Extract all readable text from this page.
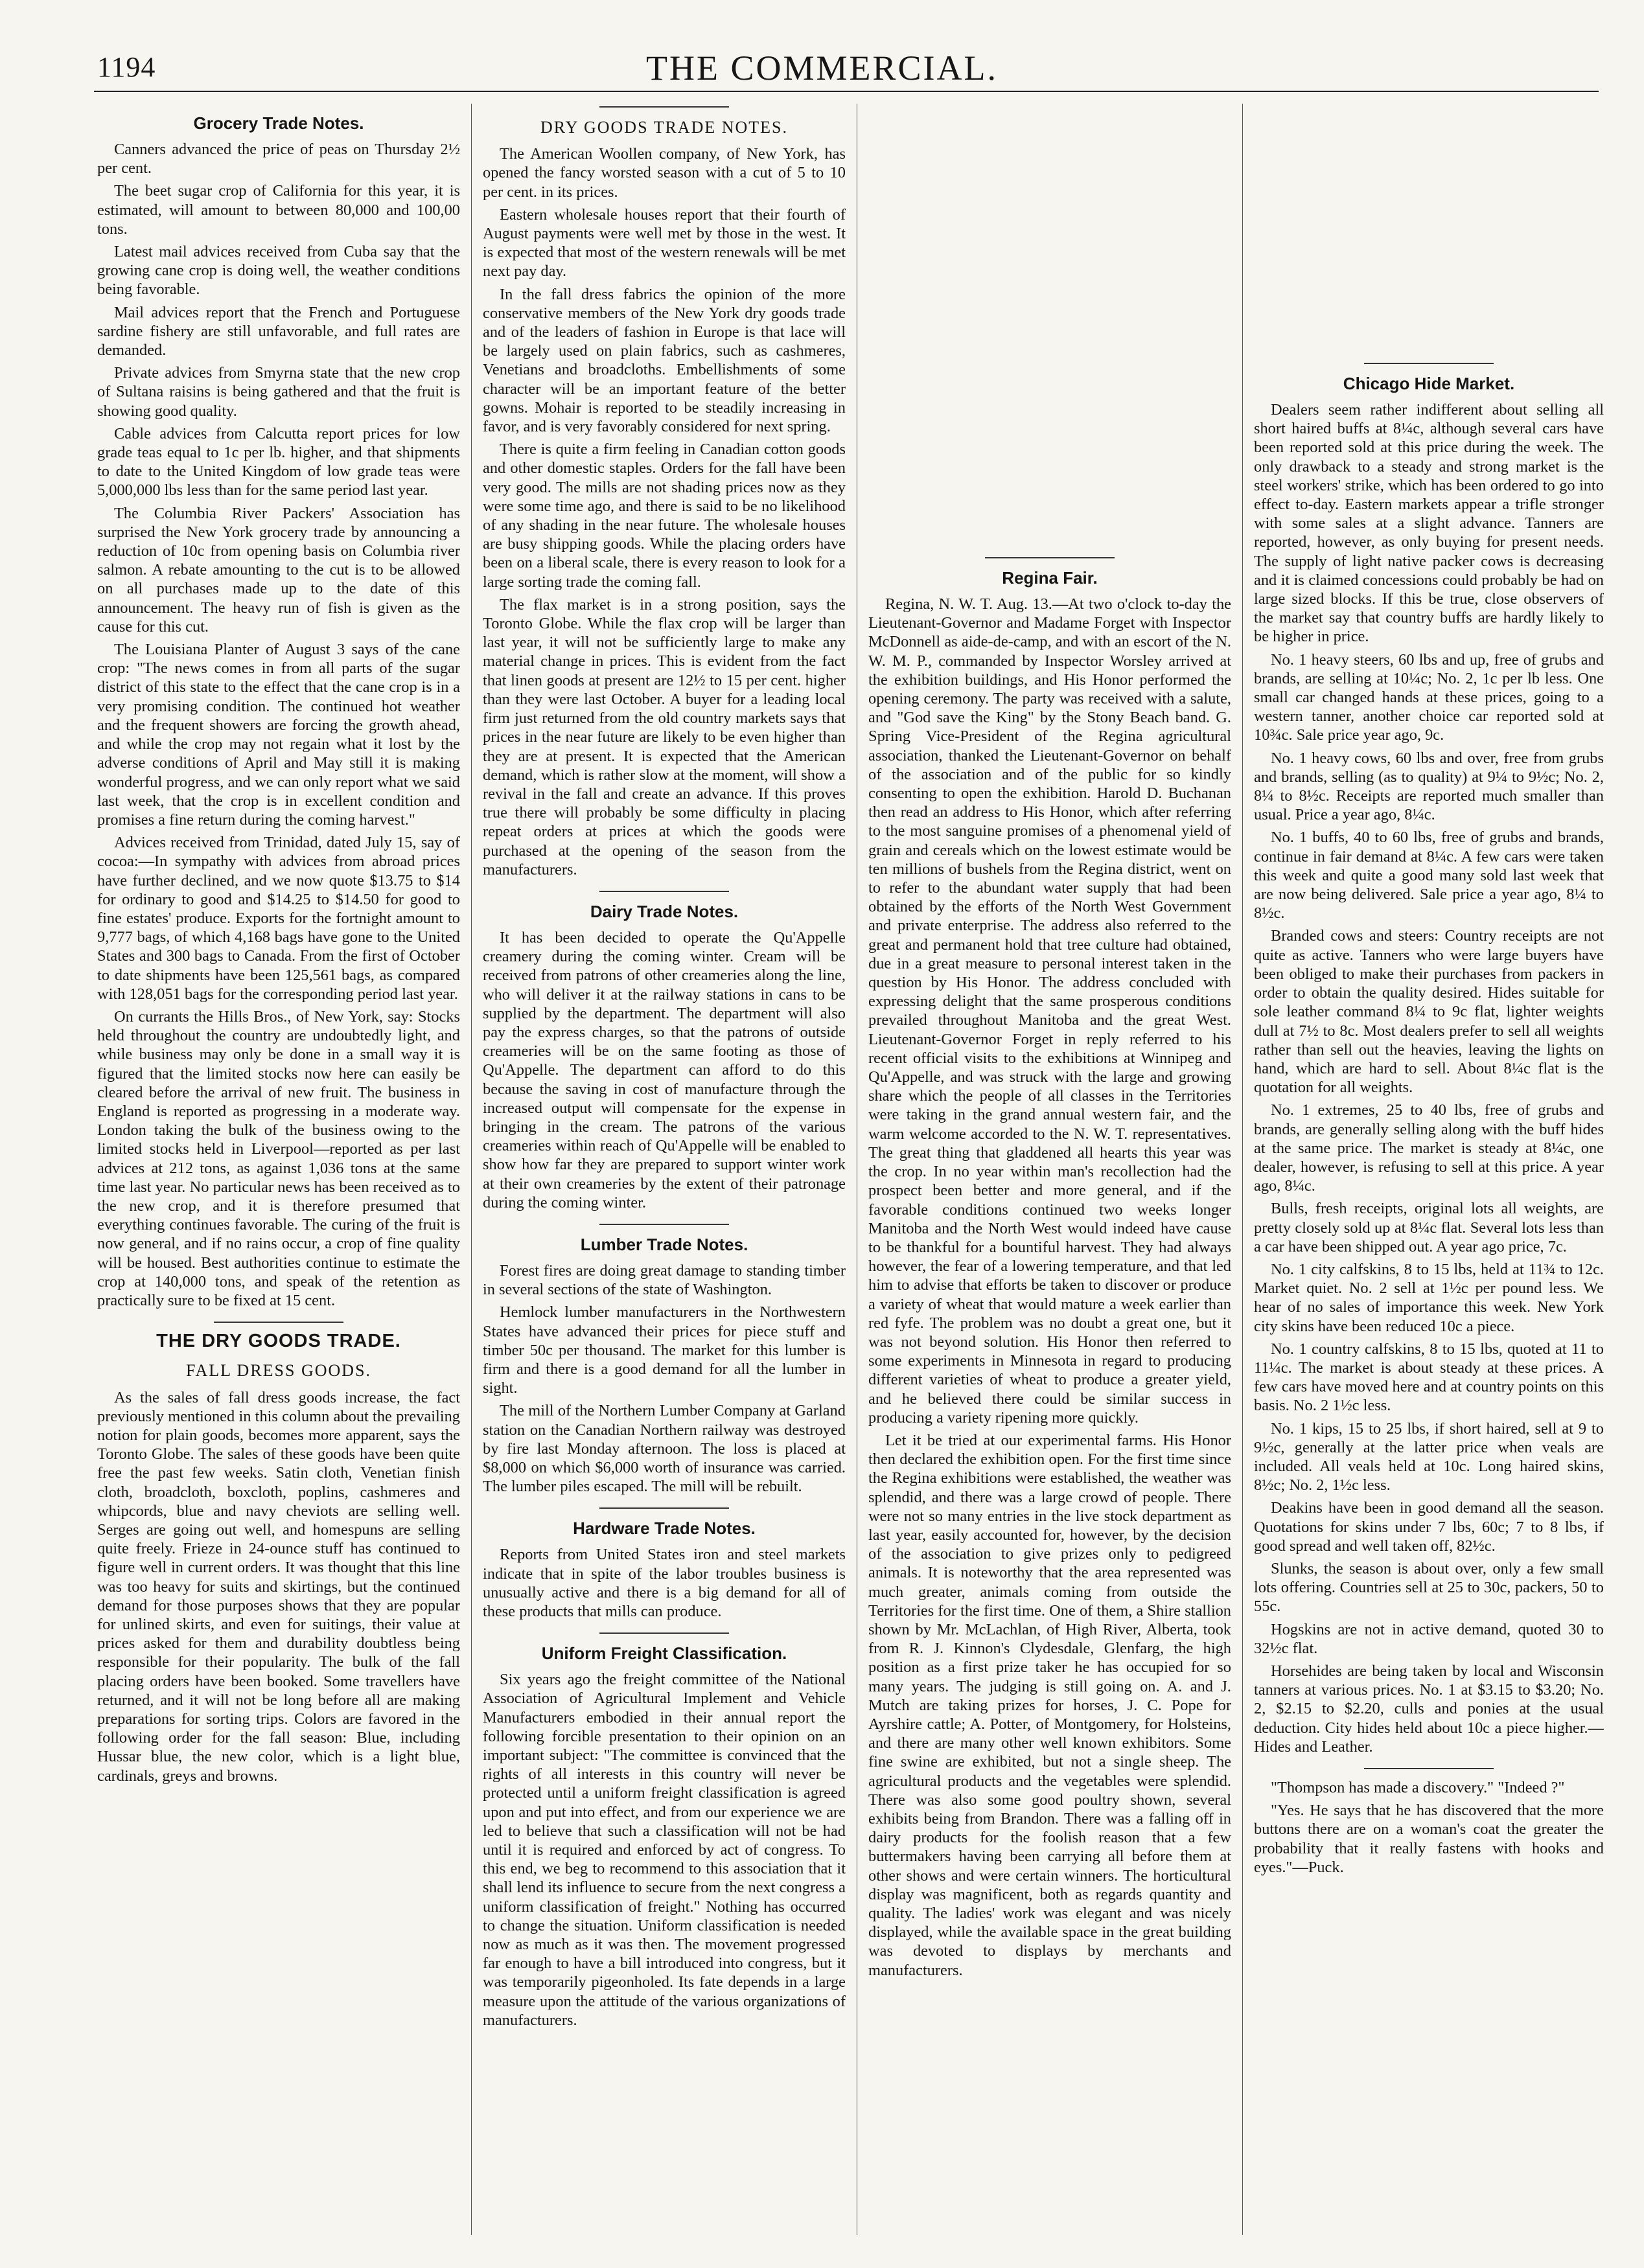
1194	THE COMMERCIAL.
Grocery Trade Notes.

Canners advanced the price of peas on Thursday 2½ per cent.

The beet sugar crop of California for this year, it is estimated, will amount to between 80,000 and 100,00 tons.

Latest mail advices received from Cuba say that the growing cane crop is doing well, the weather conditions being favorable.

Mail advices report that the French and Portuguese sardine fishery are still unfavorable, and full rates are demanded.

Private advices from Smyrna state that the new crop of Sultana raisins is being gathered and that the fruit is showing good quality.

Cable advices from Calcutta report prices for low grade teas equal to 1c per lb. higher, and that shipments to date to the United Kingdom of low grade teas were 5,000,000 lbs less than for the same period last year.

The Columbia River Packers' Association has surprised the New York grocery trade by announcing a reduction of 10c from opening basis on Columbia river salmon. A rebate amounting to the cut is to be allowed on all purchases made up to the date of this announcement. The heavy run of fish is given as the cause for this cut.

The Louisiana Planter of August 3 says of the cane crop: "The news comes in from all parts of the sugar district of this state to the effect that the cane crop is in a very promising condition. The continued hot weather and the frequent showers are forcing the growth ahead, and while the crop may not regain what it lost by the adverse conditions of April and May still it is making wonderful progress, and we can only report what we said last week, that the crop is in excellent condition and promises a fine return during the coming harvest."

Advices received from Trinidad, dated July 15, say of cocoa:—In sympathy with advices from abroad prices have further declined, and we now quote $13.75 to $14 for ordinary to good and $14.25 to $14.50 for good to fine estates' produce. Exports for the fortnight amount to 9,777 bags, of which 4,168 bags have gone to the United States and 300 bags to Canada. From the first of October to date shipments have been 125,561 bags, as compared with 128,051 bags for the corresponding period last year.

On currants the Hills Bros., of New York, say: Stocks held throughout the country are undoubtedly light, and while business may only be done in a small way it is figured that the limited stocks now here can easily be cleared before the arrival of new fruit. The business in England is reported as progressing in a moderate way. London taking the bulk of the business owing to the limited stocks held in Liverpool—reported as per last advices at 212 tons, as against 1,036 tons at the same time last year. No particular news has been received as to the new crop, and it is therefore presumed that everything continues favorable. The curing of the fruit is now general, and if no rains occur, a crop of fine quality will be housed. Best authorities continue to estimate the crop at 140,000 tons, and speak of the retention as practically sure to be fixed at 15 cent.

THE DRY GOODS TRADE.
FALL DRESS GOODS.

As the sales of fall dress goods increase, the fact previously mentioned in this column about the prevailing notion for plain goods, becomes more apparent, says the Toronto Globe. The sales of these goods have been quite free the past few weeks. Satin cloth, Venetian finish cloth, broadcloth, boxcloth, poplins, cashmeres and whipcords, blue and navy cheviots are selling well. Serges are going out well, and homespuns are selling quite freely. Frieze in 24-ounce stuff has continued to figure well in current orders. It was thought that this line was too heavy for suits and skirtings, but the continued demand for those purposes shows that they are popular for unlined skirts, and even for suitings, their value at prices asked for them and durability doubtless being responsible for their popularity. The bulk of the fall placing orders have been booked. Some travellers have returned, and it will not be long before all are making preparations for sorting trips. Colors are favored in the following order for the fall season: Blue, including Hussar blue, the new color, which is a light blue, cardinals, greys and browns.

DRY GOODS TRADE NOTES.

The American Woollen company, of New York, has opened the fancy worsted season with a cut of 5 to 10 per cent. in its prices.

Eastern wholesale houses report that their fourth of August payments were well met by those in the west. It is expected that most of the western renewals will be met next pay day.

In the fall dress fabrics the opinion of the more conservative members of the New York dry goods trade and of the leaders of fashion in Europe is that lace will be largely used on plain fabrics, such as cashmeres, Venetians and broadcloths. Embellishments of some character will be an important feature of the better gowns. Mohair is reported to be steadily increasing in favor, and is very favorably considered for next spring.

There is quite a firm feeling in Canadian cotton goods and other domestic staples. Orders for the fall have been very good. The mills are not shading prices now as they were some time ago, and there is said to be no likelihood of any shading in the near future. The wholesale houses are busy shipping goods. While the placing orders have been on a liberal scale, there is every reason to look for a large sorting trade the coming fall.

The flax market is in a strong position, says the Toronto Globe. While the flax crop will be larger than last year, it will not be sufficiently large to make any material change in prices. This is evident from the fact that linen goods at present are 12½ to 15 per cent. higher than they were last October. A buyer for a leading local firm just returned from the old country markets says that prices in the near future are likely to be even higher than they are at present. It is expected that the American demand, which is rather slow at the moment, will show a revival in the fall and create an advance. If this proves true there will probably be some difficulty in placing repeat orders at prices at which the goods were purchased at the opening of the season from the manufacturers.

Dairy Trade Notes.

It has been decided to operate the Qu'Appelle creamery during the coming winter. Cream will be received from patrons of other creameries along the line, who will deliver it at the railway stations in cans to be supplied by the department. The department will also pay the express charges, so that the patrons of outside creameries will be on the same footing as those of Qu'Appelle. The department can afford to do this because the saving in cost of manufacture through the increased output will compensate for the expense in bringing in the cream. The patrons of the various creameries within reach of Qu'Appelle will be enabled to show how far they are prepared to support winter work at their own creameries by the extent of their patronage during the coming winter.

Lumber Trade Notes.

Forest fires are doing great damage to standing timber in several sections of the state of Washington.

Hemlock lumber manufacturers in the Northwestern States have advanced their prices for piece stuff and timber 50c per thousand. The market for this lumber is firm and there is a good demand for all the lumber in sight.

The mill of the Northern Lumber Company at Garland station on the Canadian Northern railway was destroyed by fire last Monday afternoon. The loss is placed at $8,000 on which $6,000 worth of insurance was carried. The lumber piles escaped. The mill will be rebuilt.

Hardware Trade Notes.

Reports from United States iron and steel markets indicate that in spite of the labor troubles business is unusually active and there is a big demand for all of these products that mills can produce.

Uniform Freight Classification.

Six years ago the freight committee of the National Association of Agricultural Implement and Vehicle Manufacturers embodied in their annual report the following forcible presentation to their opinion on an important subject: "The committee is convinced that the rights of all interests in this country will never be protected until a uniform freight classification is agreed upon and put into effect, and from our experience we are led to believe that such a classification will not be had until it is required and enforced by act of congress. To this end, we beg to recommend to this association that it shall lend its influence to secure from the next congress a uniform classification of freight." Nothing has occurred to change the situation. Uniform classification is needed now as much as it was then. The movement progressed far enough to have a bill introduced into congress, but it was temporarily pigeonholed. Its fate depends in a large measure upon the attitude of the various organizations of manufacturers.

Regina Fair.

Regina, N. W. T. Aug. 13.—At two o'clock to-day the Lieutenant-Governor and Madame Forget with Inspector McDonnell as aide-de-camp, and with an escort of the N. W. M. P., commanded by Inspector Worsley arrived at the exhibition buildings, and His Honor performed the opening ceremony. The party was received with a salute, and "God save the King" by the Stony Beach band. G. Spring Vice-President of the Regina agricultural association, thanked the Lieutenant-Governor on behalf of the association and of the public for so kindly consenting to open the exhibition. Harold D. Buchanan then read an address to His Honor, which after referring to the most sanguine promises of a phenomenal yield of grain and cereals which on the lowest estimate would be ten millions of bushels from the Regina district, went on to refer to the abundant water supply that had been obtained by the efforts of the North West Government and private enterprise. The address also referred to the great and permanent hold that tree culture had obtained, due in a great measure to personal interest taken in the question by His Honor. The address concluded with expressing delight that the same prosperous conditions prevailed throughout Manitoba and the great West. Lieutenant-Governor Forget in reply referred to his recent official visits to the exhibitions at Winnipeg and Qu'Appelle, and was struck with the large and growing share which the people of all classes in the Territories were taking in the grand annual western fair, and the warm welcome accorded to the N. W. T. representatives. The great thing that gladdened all hearts this year was the crop. In no year within man's recollection had the prospect been better and more general, and if the favorable conditions continued two weeks longer Manitoba and the North West would indeed have cause to be thankful for a bountiful harvest. They had always however, the fear of a lowering temperature, and that led him to advise that efforts be taken to discover or produce a variety of wheat that would mature a week earlier than red fyfe. The problem was no doubt a great one, but it was not beyond solution. His Honor then referred to some experiments in Minnesota in regard to producing different varieties of wheat to produce a greater yield, and he believed there could be similar success in producing a variety ripening more quickly.

Let it be tried at our experimental farms. His Honor then declared the exhibition open. For the first time since the Regina exhibitions were established, the weather was splendid, and there was a large crowd of people. There were not so many entries in the live stock department as last year, easily accounted for, however, by the decision of the association to give prizes only to pedigreed animals. It is noteworthy that the area represented was much greater, animals coming from outside the Territories for the first time. One of them, a Shire stallion shown by Mr. McLachlan, of High River, Alberta, took from R. J. Kinnon's Clydesdale, Glenfarg, the high position as a first prize taker he has occupied for so many years. The judging is still going on. A. and J. Mutch are taking prizes for horses, J. C. Pope for Ayrshire cattle; A. Potter, of Montgomery, for Holsteins, and there are many other well known exhibitors. Some fine swine are exhibited, but not a single sheep. The agricultural products and the vegetables were splendid. There was also some good poultry shown, several exhibits being from Brandon. There was a falling off in dairy products for the foolish reason that a few buttermakers having been carrying all before them at other shows and were certain winners. The horticultural display was magnificent, both as regards quantity and quality. The ladies' work was elegant and was nicely displayed, while the available space in the great building was devoted to displays by merchants and manufacturers.

Chicago Hide Market.

Dealers seem rather indifferent about selling all short haired buffs at 8¼c, although several cars have been reported sold at this price during the week. The only drawback to a steady and strong market is the steel workers' strike, which has been ordered to go into effect to-day. Eastern markets appear a trifle stronger with some sales at a slight advance. Tanners are reported, however, as only buying for present needs. The supply of light native packer cows is decreasing and it is claimed concessions could probably be had on large sized blocks. If this be true, close observers of the market say that country buffs are hardly likely to be higher in price.

No. 1 heavy steers, 60 lbs and up, free of grubs and brands, are selling at 10¼c; No. 2, 1c per lb less. One small car changed hands at these prices, going to a western tanner, another choice car reported sold at 10¾c. Sale price year ago, 9c.

No. 1 heavy cows, 60 lbs and over, free from grubs and brands, selling (as to quality) at 9¼ to 9½c; No. 2, 8¼ to 8½c. Receipts are reported much smaller than usual. Price a year ago, 8¼c.

No. 1 buffs, 40 to 60 lbs, free of grubs and brands, continue in fair demand at 8¼c. A few cars were taken this week and quite a good many sold last week that are now being delivered. Sale price a year ago, 8¼ to 8½c.

Branded cows and steers: Country receipts are not quite as active. Tanners who were large buyers have been obliged to make their purchases from packers in order to obtain the quality desired. Hides suitable for sole leather command 8¼ to 9c flat, lighter weights dull at 7½ to 8c. Most dealers prefer to sell all weights rather than sell out the heavies, leaving the lights on hand, which are hard to sell. About 8¼c flat is the quotation for all weights.

No. 1 extremes, 25 to 40 lbs, free of grubs and brands, are generally selling along with the buff hides at the same price. The market is steady at 8¼c, one dealer, however, is refusing to sell at this price. A year ago, 8¼c.

Bulls, fresh receipts, original lots all weights, are pretty closely sold up at 8¼c flat. Several lots less than a car have been shipped out. A year ago price, 7c.

No. 1 city calfskins, 8 to 15 lbs, held at 11¾ to 12c. Market quiet. No. 2 sell at 1½c per pound less. We hear of no sales of importance this week. New York city skins have been reduced 10c a piece.

No. 1 country calfskins, 8 to 15 lbs, quoted at 11 to 11¼c. The market is about steady at these prices. A few cars have moved here and at country points on this basis. No. 2 1½c less.

No. 1 kips, 15 to 25 lbs, if short haired, sell at 9 to 9½c, generally at the latter price when veals are included. All veals held at 10c. Long haired skins, 8½c; No. 2, 1½c less.

Deakins have been in good demand all the season. Quotations for skins under 7 lbs, 60c; 7 to 8 lbs, if good spread and well taken off, 82½c.

Slunks, the season is about over, only a few small lots offering. Countries sell at 25 to 30c, packers, 50 to 55c.

Hogskins are not in active demand, quoted 30 to 32½c flat.

Horsehides are being taken by local and Wisconsin tanners at various prices. No. 1 at $3.15 to $3.20; No. 2, $2.15 to $2.20, culls and ponies at the usual deduction. City hides held about 10c a piece higher.—Hides and Leather.

"Thompson has made a discovery." "Indeed ?"

"Yes. He says that he has discovered that the more buttons there are on a woman's coat the greater the probability that it really fastens with hooks and eyes."—Puck.
